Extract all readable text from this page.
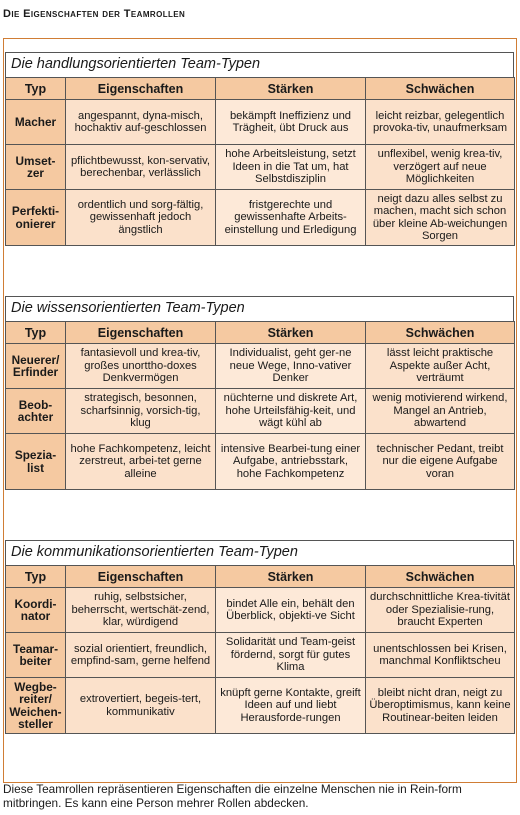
Die Eigenschaften der Teamrollen
Die handlungsorientierten Team-Typen
Typ	Eigenschaften	Stärken	Schwächen
Macher	angespannt, dyna-misch, hochaktiv auf-geschlossen	bekämpft Ineffizienz und Trägheit, übt Druck aus	leicht reizbar, gelegentlich provoka-tiv, unaufmerksam
Umset-zer	pflichtbewusst, kon-servativ, berechenbar, verlässlich	hohe Arbeitsleistung, setzt Ideen in die Tat um, hat Selbstdisziplin	unflexibel, wenig krea-tiv, verzögert auf neue Möglichkeiten
Perfekti-onierer	ordentlich und sorg-fältig, gewissenhaft jedoch ängstlich	fristgerechte und gewissenhafte Arbeits-einstellung und Erledigung	neigt dazu alles selbst zu machen, macht sich schon über kleine Ab-weichungen Sorgen
Die wissensorientierten Team-Typen
Typ	Eigenschaften	Stärken	Schwächen
Neuerer/ Erfinder	fantasievoll und krea-tiv, großes unorttho-doxes Denkvermögen	Individualist, geht ger-ne neue Wege, Inno-vativer Denker	lässt leicht praktische Aspekte außer Acht, verträumt
Beob-achter	strategisch, besonnen, scharfsinnig, vorsich-tig, klug	nüchterne und diskrete Art, hohe Urteilsfähig-keit, und wägt kühl ab	wenig motivierend wirkend, Mangel an Antrieb, abwartend
Spezia-list	hohe Fachkompetenz, leicht zerstreut, arbei-tet gerne alleine	intensive Bearbei-tung einer Aufgabe, antriebsstark, hohe Fachkompetenz	technischer Pedant, treibt nur die eigene Aufgabe voran
Die kommunikationsorientierten Team-Typen
Typ	Eigenschaften	Stärken	Schwächen
Koordi-nator	ruhig, selbstsicher, beherrscht, wertschät-zend, klar, würdigend	bindet Alle ein, behält den Überblick, objekti-ve Sicht	durchschnittliche Krea-tivität oder Spezialisie-rung, braucht Experten
Teamar-beiter	sozial orientiert, freundlich, empfind-sam, gerne helfend	Solidarität und Team-geist fördernd, sorgt für gutes Klima	unentschlossen bei Krisen, manchmal Konfliktscheu
Wegbe-reiter/ Weichen-steller	extrovertiert, begeis-tert, kommunikativ	knüpft gerne Kontakte, greift Ideen auf und liebt Herausforde-rungen	bleibt nicht dran, neigt zu Überoptimismus, kann keine Routinear-beiten leiden
Diese Teamrollen repräsentieren Eigenschaften die einzelne Menschen nie in Rein-form mitbringen. Es kann eine Person mehrer Rollen abdecken.
